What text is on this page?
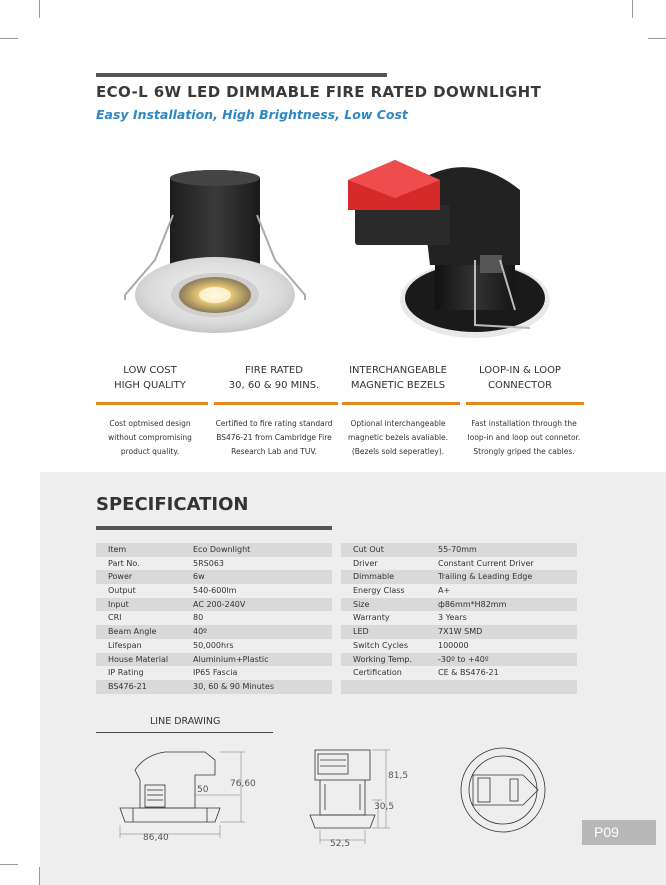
ECO-L 6W LED DIMMABLE FIRE RATED DOWNLIGHT
Easy Installation, High Brightness, Low Cost
LOW COST
HIGH QUALITY
FIRE RATED
30, 60 & 90 MINS.
INTERCHANGEABLE
MAGNETIC BEZELS
LOOP-IN & LOOP
CONNECTOR
Cost optmised design
without compromising
product quality.
Certified to fire rating standard
BS476-21 from Cambridge Fire
Research Lab and TUV.
Optional interchangeable
magnetic bezels avaliable.
(Bezels sold seperatley).
Fast installation through the
loop-in and loop out connetor.
Strongly griped the cables.
SPECIFICATION
Item	Eco Downlight
Part No.	5RS063
Power	6w
Output	540-600lm
Input	AC 200-240V
CRI	80
Beam Angle	40º
Lifespan	50,000hrs
House Material	Aluminium+Plastic
IP Rating	IP65 Fascia
BS476-21	30, 60 & 90 Minutes
Cut Out	55-70mm
Driver	Constant Current Driver
Dimmable	Trailing & Leading Edge
Energy Class	A+
Size	ф86mm*H82mm
Warranty	3 Years
LED	7X1W SMD
Switch Cycles	100000
Working Temp.	-30º to +40º
Certification	CE & BS476-21
LINE DRAWING
86,40
50
76,60
81,5
30,5
52,5
P09
